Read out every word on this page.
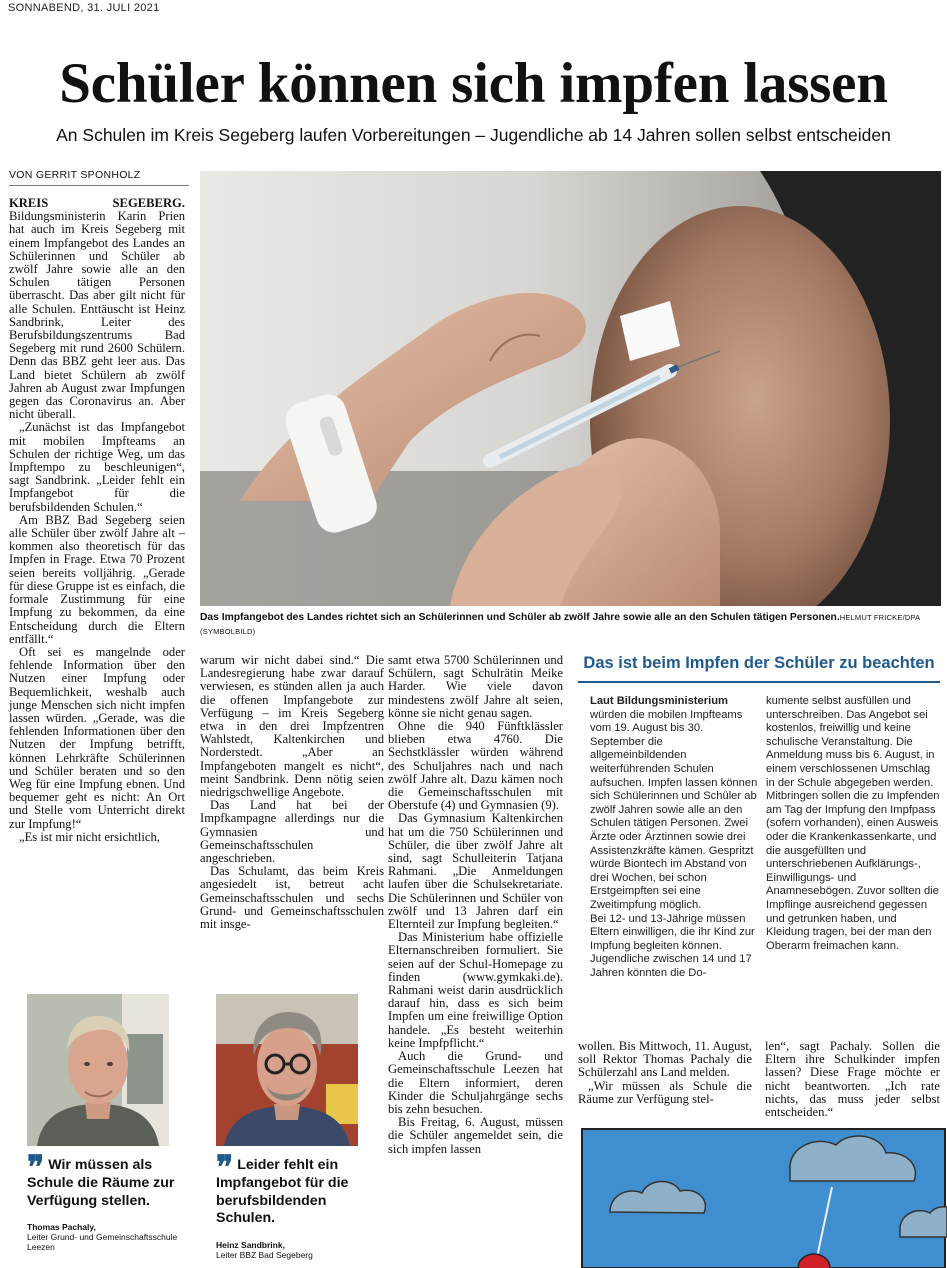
SONNABEND, 31. JULI 2021
Schüler können sich impfen lassen
An Schulen im Kreis Segeberg laufen Vorbereitungen – Jugendliche ab 14 Jahren sollen selbst entscheiden
VON GERRIT SPONHOLZ

KREIS SEGEBERG. Bildungsministerin Karin Prien hat auch im Kreis Segeberg mit einem Impfangebot des Landes an Schülerinnen und Schüler ab zwölf Jahre sowie alle an den Schulen tätigen Personen überrascht. Das aber gilt nicht für alle Schulen. Enttäuscht ist Heinz Sandbrink, Leiter des Berufsbildungszentrums Bad Segeberg mit rund 2600 Schülern. Denn das BBZ geht leer aus. Das Land bietet Schülern ab zwölf Jahren ab August zwar Impfungen gegen das Coronavirus an. Aber nicht überall.

„Zunächst ist das Impfangebot mit mobilen Impfteams an Schulen der richtige Weg, um das Impftempo zu beschleunigen“, sagt Sandbrink. „Leider fehlt ein Impfangebot für die berufsbildenden Schulen.“

Am BBZ Bad Segeberg seien alle Schüler über zwölf Jahre alt – kommen also theoretisch für das Impfen in Frage. Etwa 70 Prozent seien bereits volljährig. „Gerade für diese Gruppe ist es einfach, die formale Zustimmung für eine Impfung zu bekommen, da eine Entscheidung durch die Eltern entfällt.“

Oft sei es mangelnde oder fehlende Information über den Nutzen einer Impfung oder Bequemlichkeit, weshalb auch junge Menschen sich nicht impfen lassen würden. „Gerade, was die fehlenden Informationen über den Nutzen der Impfung betrifft, können Lehrkräfte Schülerinnen und Schüler beraten und so den Weg für eine Impfung ebnen. Und bequemer geht es nicht: An Ort und Stelle vom Unterricht direkt zur Impfung!“

„Es ist mir nicht ersichtlich,

Das Impfangebot des Landes richtet sich an Schülerinnen und Schüler ab zwölf Jahre sowie alle an den Schulen tätigen Personen.HELMUT FRICKE/DPA (SYMBOLBILD)

warum wir nicht dabei sind.“ Die Landesregierung habe zwar darauf verwiesen, es stünden allen ja auch die offenen Impfangebote zur Verfügung – im Kreis Segeberg etwa in den drei Impfzentren Wahlstedt, Kaltenkirchen und Norderstedt. „Aber an Impfangeboten mangelt es nicht“, meint Sandbrink. Denn nötig seien niedrigschwellige Angebote.

Das Land hat bei der Impfkampagne allerdings nur die Gymnasien und Gemeinschaftsschulen angeschrieben.

Das Schulamt, das beim Kreis angesiedelt ist, betreut acht Gemeinschaftsschulen und sechs Grund- und Gemeinschaftsschulen mit insge-

samt etwa 5700 Schülerinnen und Schülern, sagt Schulrätin Meike Harder. Wie viele davon mindestens zwölf Jahre alt seien, könne sie nicht genau sagen.

Ohne die 940 Fünftklässler blieben etwa 4760. Die Sechstklässler würden während des Schuljahres nach und nach zwölf Jahre alt. Dazu kämen noch die Gemeinschaftsschulen mit Oberstufe (4) und Gymnasien (9).

Das Gymnasium Kaltenkirchen hat um die 750 Schülerinnen und Schüler, die über zwölf Jahre alt sind, sagt Schulleiterin Tatjana Rahmani. „Die Anmeldungen laufen über die Schulsekretariate. Die Schülerinnen und Schüler von zwölf und 13 Jahren darf ein Elternteil zur Impfung begleiten.“

Das Ministerium habe offizielle Elternanschreiben formuliert. Sie seien auf der Schul-Homepage zu finden (www.gymkaki.de). Rahmani weist darin ausdrücklich darauf hin, dass es sich beim Impfen um eine freiwillige Option handele. „Es besteht weiterhin keine Impfpflicht.“

Auch die Grund- und Gemeinschaftsschule Leezen hat die Eltern informiert, deren Kinder die Schuljahrgänge sechs bis zehn besuchen.

Bis Freitag, 6. August, müssen die Schüler angemeldet sein, die sich impfen lassen

Das ist beim Impfen der Schüler zu beachten

Laut Bildungsministerium
würden die mobilen Impfteams vom 19. August bis 30. September die allgemeinbildenden weiterführenden Schulen aufsuchen. Impfen lassen können sich Schülerinnen und Schüler ab zwölf Jahren sowie alle an den Schulen tätigen Personen. Zwei Ärzte oder Ärztinnen sowie drei Assistenzkräfte kämen. Gespritzt würde Biontech im Abstand von drei Wochen, bei schon Erstgeimpften sei eine Zweitimpfung möglich.

Bei 12- und 13-Jährige müssen Eltern einwilligen, die ihr Kind zur Impfung begleiten können. Jugendliche zwischen 14 und 17 Jahren könnten die Do-

kumente selbst ausfüllen und unterschreiben. Das Angebot sei kostenlos, freiwillig und keine schulische Veranstaltung. Die Anmeldung muss bis 6. August, in einem verschlossenen Umschlag in der Schule abgegeben werden.

Mitbringen sollen die zu Impfenden am Tag der Impfung den Impfpass (sofern vorhanden), einen Ausweis oder die Krankenkassenkarte, und die ausgefüllten und unterschriebenen Aufklärungs-, Einwilligungs- und Anamnesebögen. Zuvor sollten die Impflinge ausreichend gegessen und getrunken haben, und Kleidung tragen, bei der man den Oberarm freimachen kann.

wollen. Bis Mittwoch, 11. August, soll Rektor Thomas Pachaly die Schülerzahl ans Land melden.

„Wir müssen als Schule die Räume zur Verfügung stel-

len“, sagt Pachaly. Sollen die Eltern ihre Schulkinder impfen lassen? Diese Frage möchte er nicht beantworten. „Ich rate nichts, das muss jeder selbst entscheiden.“

❞ Wir müssen als Schule die Räume zur Verfügung stellen.
Thomas Pachaly,
Leiter Grund- und Gemeinschaftsschule Leezen
❞ Leider fehlt ein Impfangebot für die berufsbildenden Schulen.
Heinz Sandbrink,
Leiter BBZ Bad Segeberg
